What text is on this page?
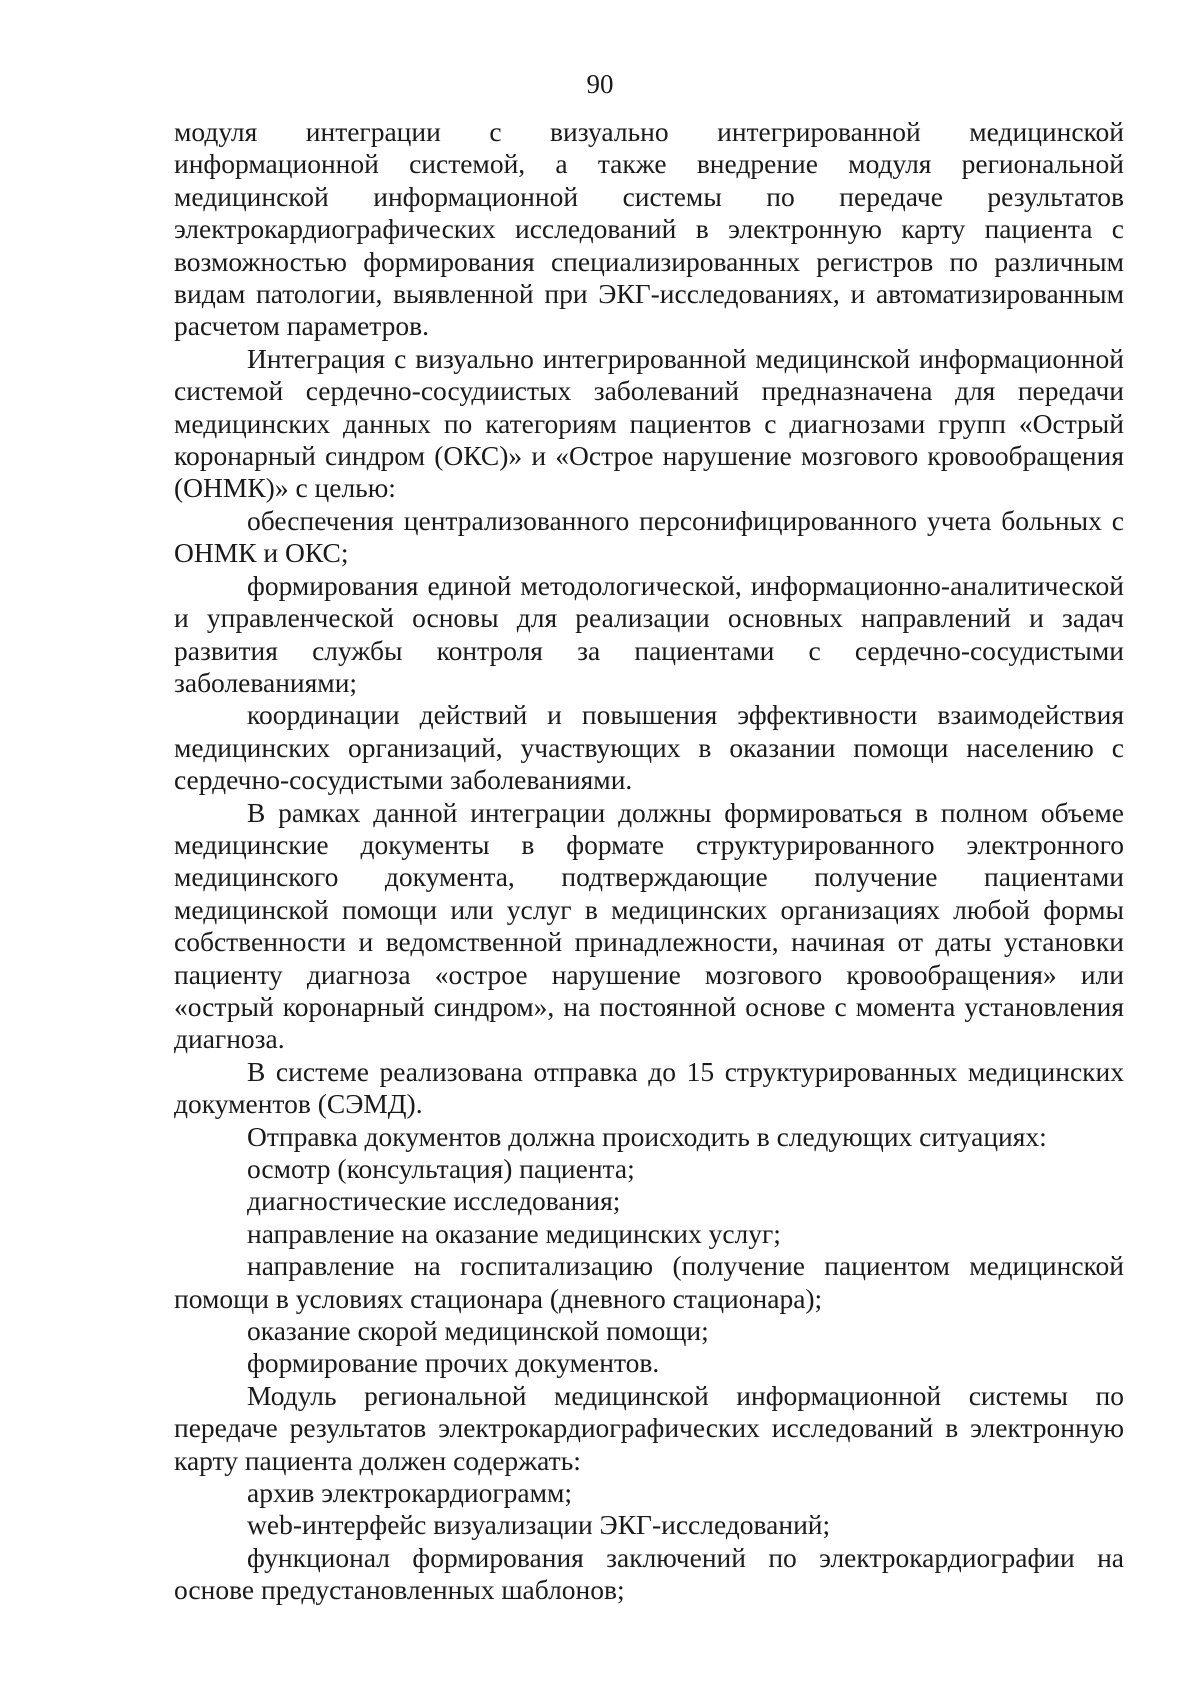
90

модуля интеграции с визуально интегрированной медицинской информационной системой, а также внедрение модуля региональной медицинской информационной системы по передаче результатов электрокардиографических исследований в электронную карту пациента с возможностью формирования специализированных регистров по различным видам патологии, выявленной при ЭКГ-исследованиях, и автоматизированным расчетом параметров.

Интеграция с визуально интегрированной медицинской информационной системой сердечно-сосудиистых заболеваний предназначена для передачи медицинских данных по категориям пациентов с диагнозами групп «Острый коронарный синдром (ОКС)» и «Острое нарушение мозгового кровообращения (ОНМК)» с целью:

обеспечения централизованного персонифицированного учета больных с ОНМК и ОКС;

формирования единой методологической, информационно-аналитической и управленческой основы для реализации основных направлений и задач развития службы контроля за пациентами с сердечно-сосудистыми заболеваниями;

координации действий и повышения эффективности взаимодействия медицинских организаций, участвующих в оказании помощи населению с сердечно-сосудистыми заболеваниями.

В рамках данной интеграции должны формироваться в полном объеме медицинские документы в формате структурированного электронного медицинского документа, подтверждающие получение пациентами медицинской помощи или услуг в медицинских организациях любой формы собственности и ведомственной принадлежности, начиная от даты установки пациенту диагноза «острое нарушение мозгового кровообращения» или «острый коронарный синдром», на постоянной основе с момента установления диагноза.

В системе реализована отправка до 15 структурированных медицинских документов (СЭМД).

Отправка документов должна происходить в следующих ситуациях:

осмотр (консультация) пациента;

диагностические исследования;

направление на оказание медицинских услуг;

направление на госпитализацию (получение пациентом медицинской помощи в условиях стационара (дневного стационара);

оказание скорой медицинской помощи;

формирование прочих документов.

Модуль региональной медицинской информационной системы по передаче результатов электрокардиографических исследований в электронную карту пациента должен содержать:

архив электрокардиограмм;

web-интерфейс визуализации ЭКГ-исследований;

функционал формирования заключений по электрокардиографии на основе предустановленных шаблонов;
